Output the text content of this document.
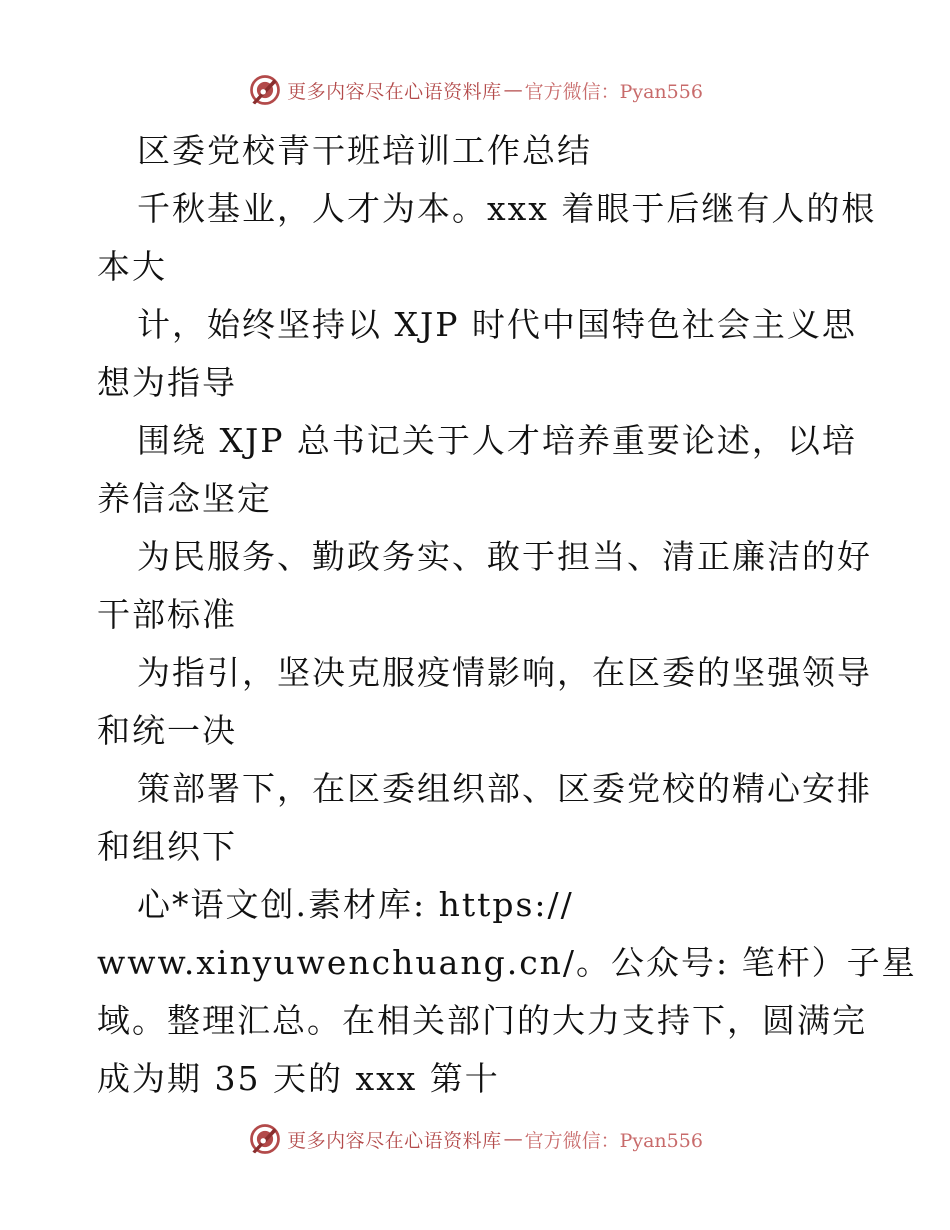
更多内容尽在心语资料库 — 官方微信：Pyan556
区委党校青干班培训工作总结
千秋基业，人才为本。xxx 着眼于后继有人的根
本大
计，始终坚持以 XJP 时代中国特色社会主义思
想为指导
围绕 XJP 总书记关于人才培养重要论述，以培
养信念坚定
为民服务、勤政务实、敢于担当、清正廉洁的好
干部标准
为指引，坚决克服疫情影响，在区委的坚强领导
和统一决
策部署下，在区委组织部、区委党校的精心安排
和组织下
心*语文创.素材库: https://
www.xinyuwenchuang.cn/。公众号: 笔杆）子星
域。整理汇总。在相关部门的大力支持下，圆满完
成为期 35 天的 xxx 第十
更多内容尽在心语资料库 — 官方微信：Pyan556
